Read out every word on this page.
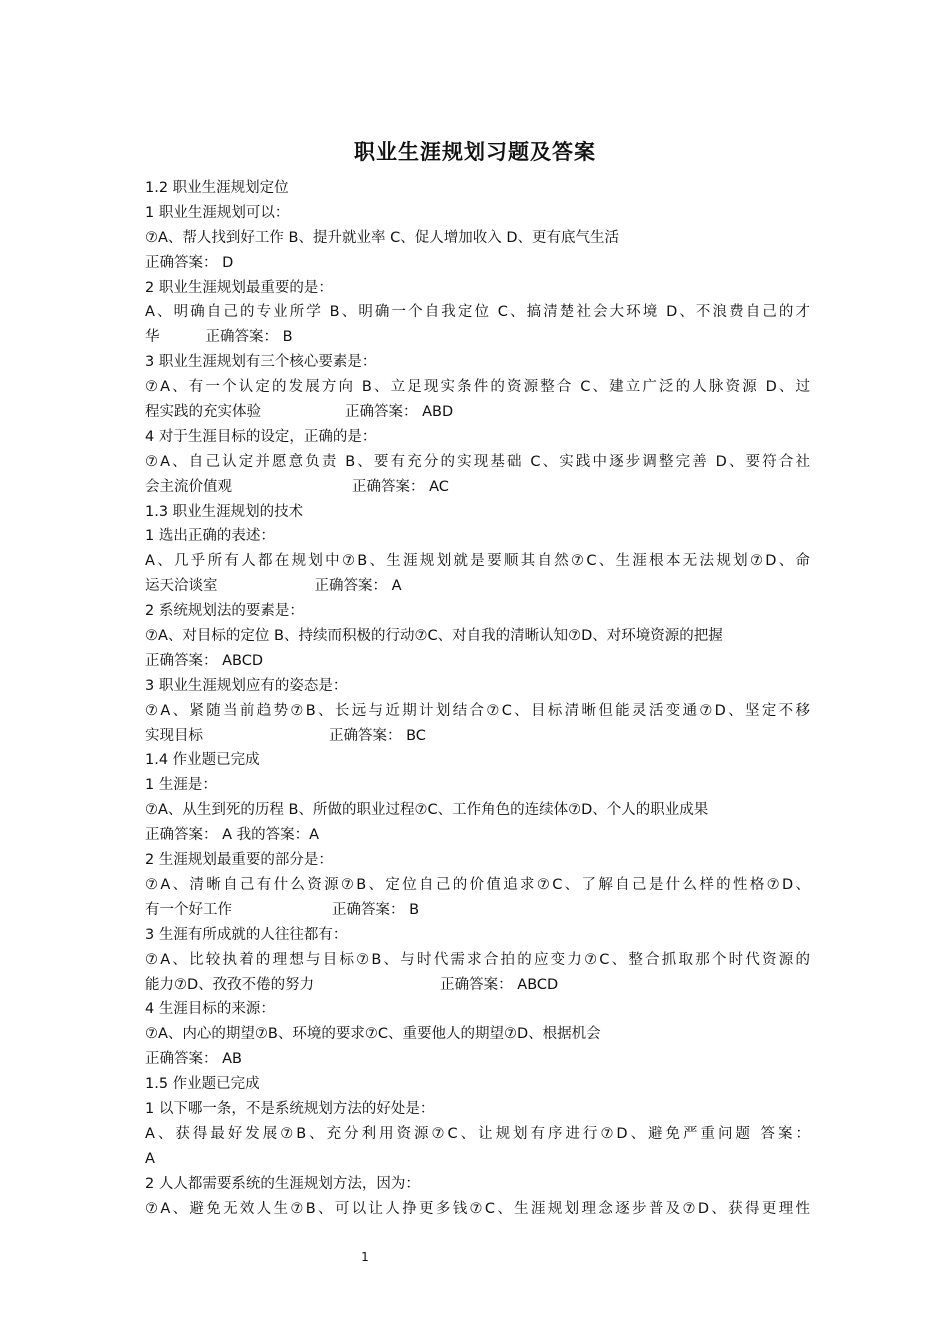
职业生涯规划习题及答案
1.2 职业生涯规划定位
1 职业生涯规划可以：
⑦A、帮人找到好工作 B、提升就业率 C、促人增加收入 D、更有底气生活
正确答案： D
2 职业生涯规划最重要的是：
A、明确自己的专业所学 B、明确一个自我定位 C、搞清楚社会大环境 D、不浪费自己的才
华	正确答案： B
3 职业生涯规划有三个核心要素是：
⑦A、有一个认定的发展方向 B、立足现实条件的资源整合 C、建立广泛的人脉资源 D、过
程实践的充实体验	正确答案： ABD
4 对于生涯目标的设定，正确的是：
⑦A、自己认定并愿意负责 B、要有充分的实现基础 C、实践中逐步调整完善 D、要符合社
会主流价值观	正确答案： AC
1.3 职业生涯规划的技术
1 选出正确的表述：
A、几乎所有人都在规划中⑦B、生涯规划就是要顺其自然⑦C、生涯根本无法规划⑦D、命
运天洽谈室	正确答案： A
2 系统规划法的要素是：
⑦A、对目标的定位 B、持续而积极的行动⑦C、对自我的清晰认知⑦D、对环境资源的把握
正确答案： ABCD
3 职业生涯规划应有的姿态是：
⑦A、紧随当前趋势⑦B、长远与近期计划结合⑦C、目标清晰但能灵活变通⑦D、坚定不移
实现目标	正确答案： BC
1.4 作业题已完成
1 生涯是：
⑦A、从生到死的历程 B、所做的职业过程⑦C、工作角色的连续体⑦D、个人的职业成果
正确答案： A 我的答案：A
2 生涯规划最重要的部分是：
⑦A、清晰自己有什么资源⑦B、定位自己的价值追求⑦C、了解自己是什么样的性格⑦D、
有一个好工作	正确答案： B
3 生涯有所成就的人往往都有：
⑦A、比较执着的理想与目标⑦B、与时代需求合拍的应变力⑦C、整合抓取那个时代资源的
能力⑦D、孜孜不倦的努力	正确答案： ABCD
4 生涯目标的来源：
⑦A、内心的期望⑦B、环境的要求⑦C、重要他人的期望⑦D、根据机会
正确答案： AB
1.5 作业题已完成
1 以下哪一条，不是系统规划方法的好处是：
A、获得最好发展⑦B、充分利用资源⑦C、让规划有序进行⑦D、避免严重问题 答案：
A
2 人人都需要系统的生涯规划方法，因为：
⑦A、避免无效人生⑦B、可以让人挣更多钱⑦C、生涯规划理念逐步普及⑦D、获得更理性
1
